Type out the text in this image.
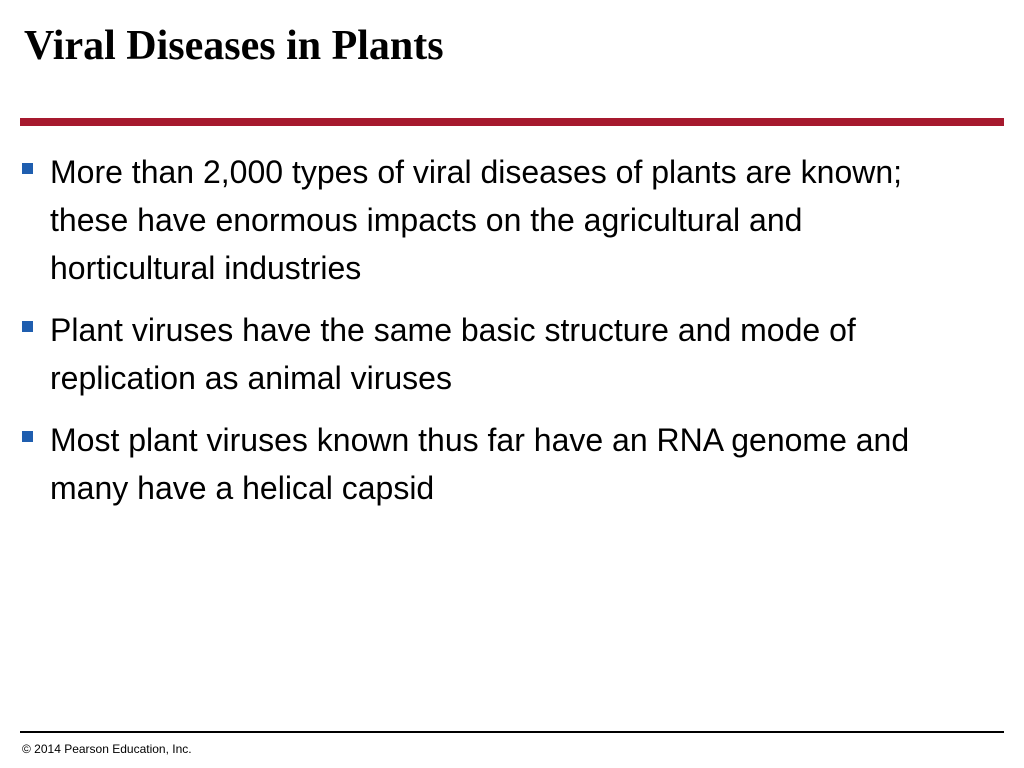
Viral Diseases in Plants
More than 2,000 types of viral diseases of plants are known; these have enormous impacts on the agricultural and horticultural industries
Plant viruses have the same basic structure and mode of replication as animal viruses
Most plant viruses known thus far have an RNA genome and many have a helical capsid
© 2014 Pearson Education, Inc.
